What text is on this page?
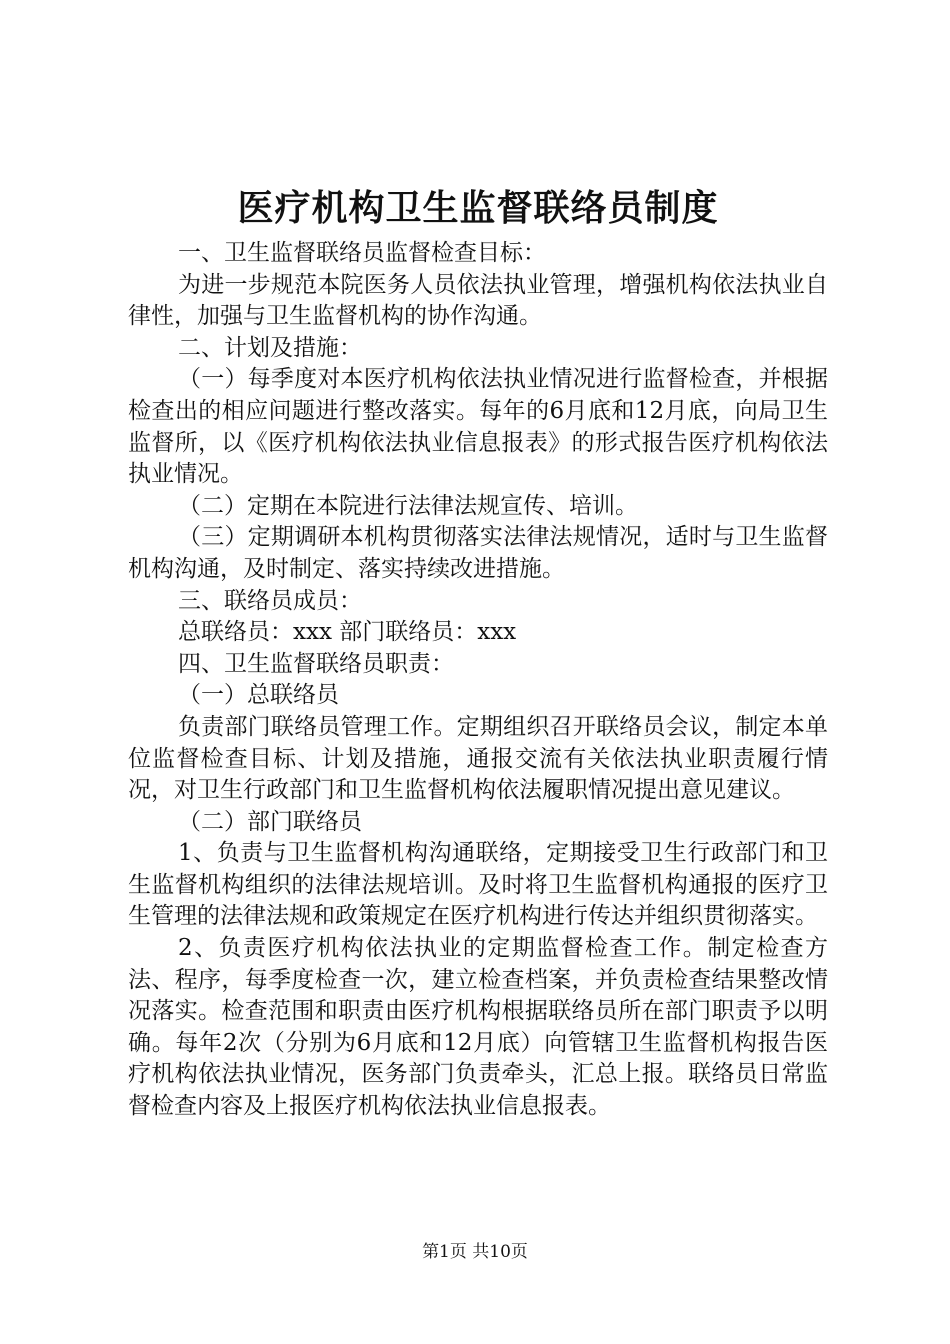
医疗机构卫生监督联络员制度

一、卫生监督联络员监督检查目标：

为进一步规范本院医务人员依法执业管理，增强机构依法执业自律性，加强与卫生监督机构的协作沟通。

二、计划及措施：

（一）每季度对本医疗机构依法执业情况进行监督检查，并根据检查出的相应问题进行整改落实。每年的6月底和12月底，向局卫生监督所，以《医疗机构依法执业信息报表》的形式报告医疗机构依法执业情况。

（二）定期在本院进行法律法规宣传、培训。

（三）定期调研本机构贯彻落实法律法规情况，适时与卫生监督机构沟通，及时制定、落实持续改进措施。

三、联络员成员：

总联络员：xxx 部门联络员：xxx

四、卫生监督联络员职责：

（一）总联络员

负责部门联络员管理工作。定期组织召开联络员会议，制定本单位监督检查目标、计划及措施，通报交流有关依法执业职责履行情况，对卫生行政部门和卫生监督机构依法履职情况提出意见建议。

（二）部门联络员

1、负责与卫生监督机构沟通联络，定期接受卫生行政部门和卫生监督机构组织的法律法规培训。及时将卫生监督机构通报的医疗卫生管理的法律法规和政策规定在医疗机构进行传达并组织贯彻落实。

2、负责医疗机构依法执业的定期监督检查工作。制定检查方法、程序，每季度检查一次，建立检查档案，并负责检查结果整改情况落实。检查范围和职责由医疗机构根据联络员所在部门职责予以明确。每年2次（分别为6月底和12月底）向管辖卫生监督机构报告医疗机构依法执业情况，医务部门负责牵头，汇总上报。联络员日常监督检查内容及上报医疗机构依法执业信息报表。

第1页 共10页
